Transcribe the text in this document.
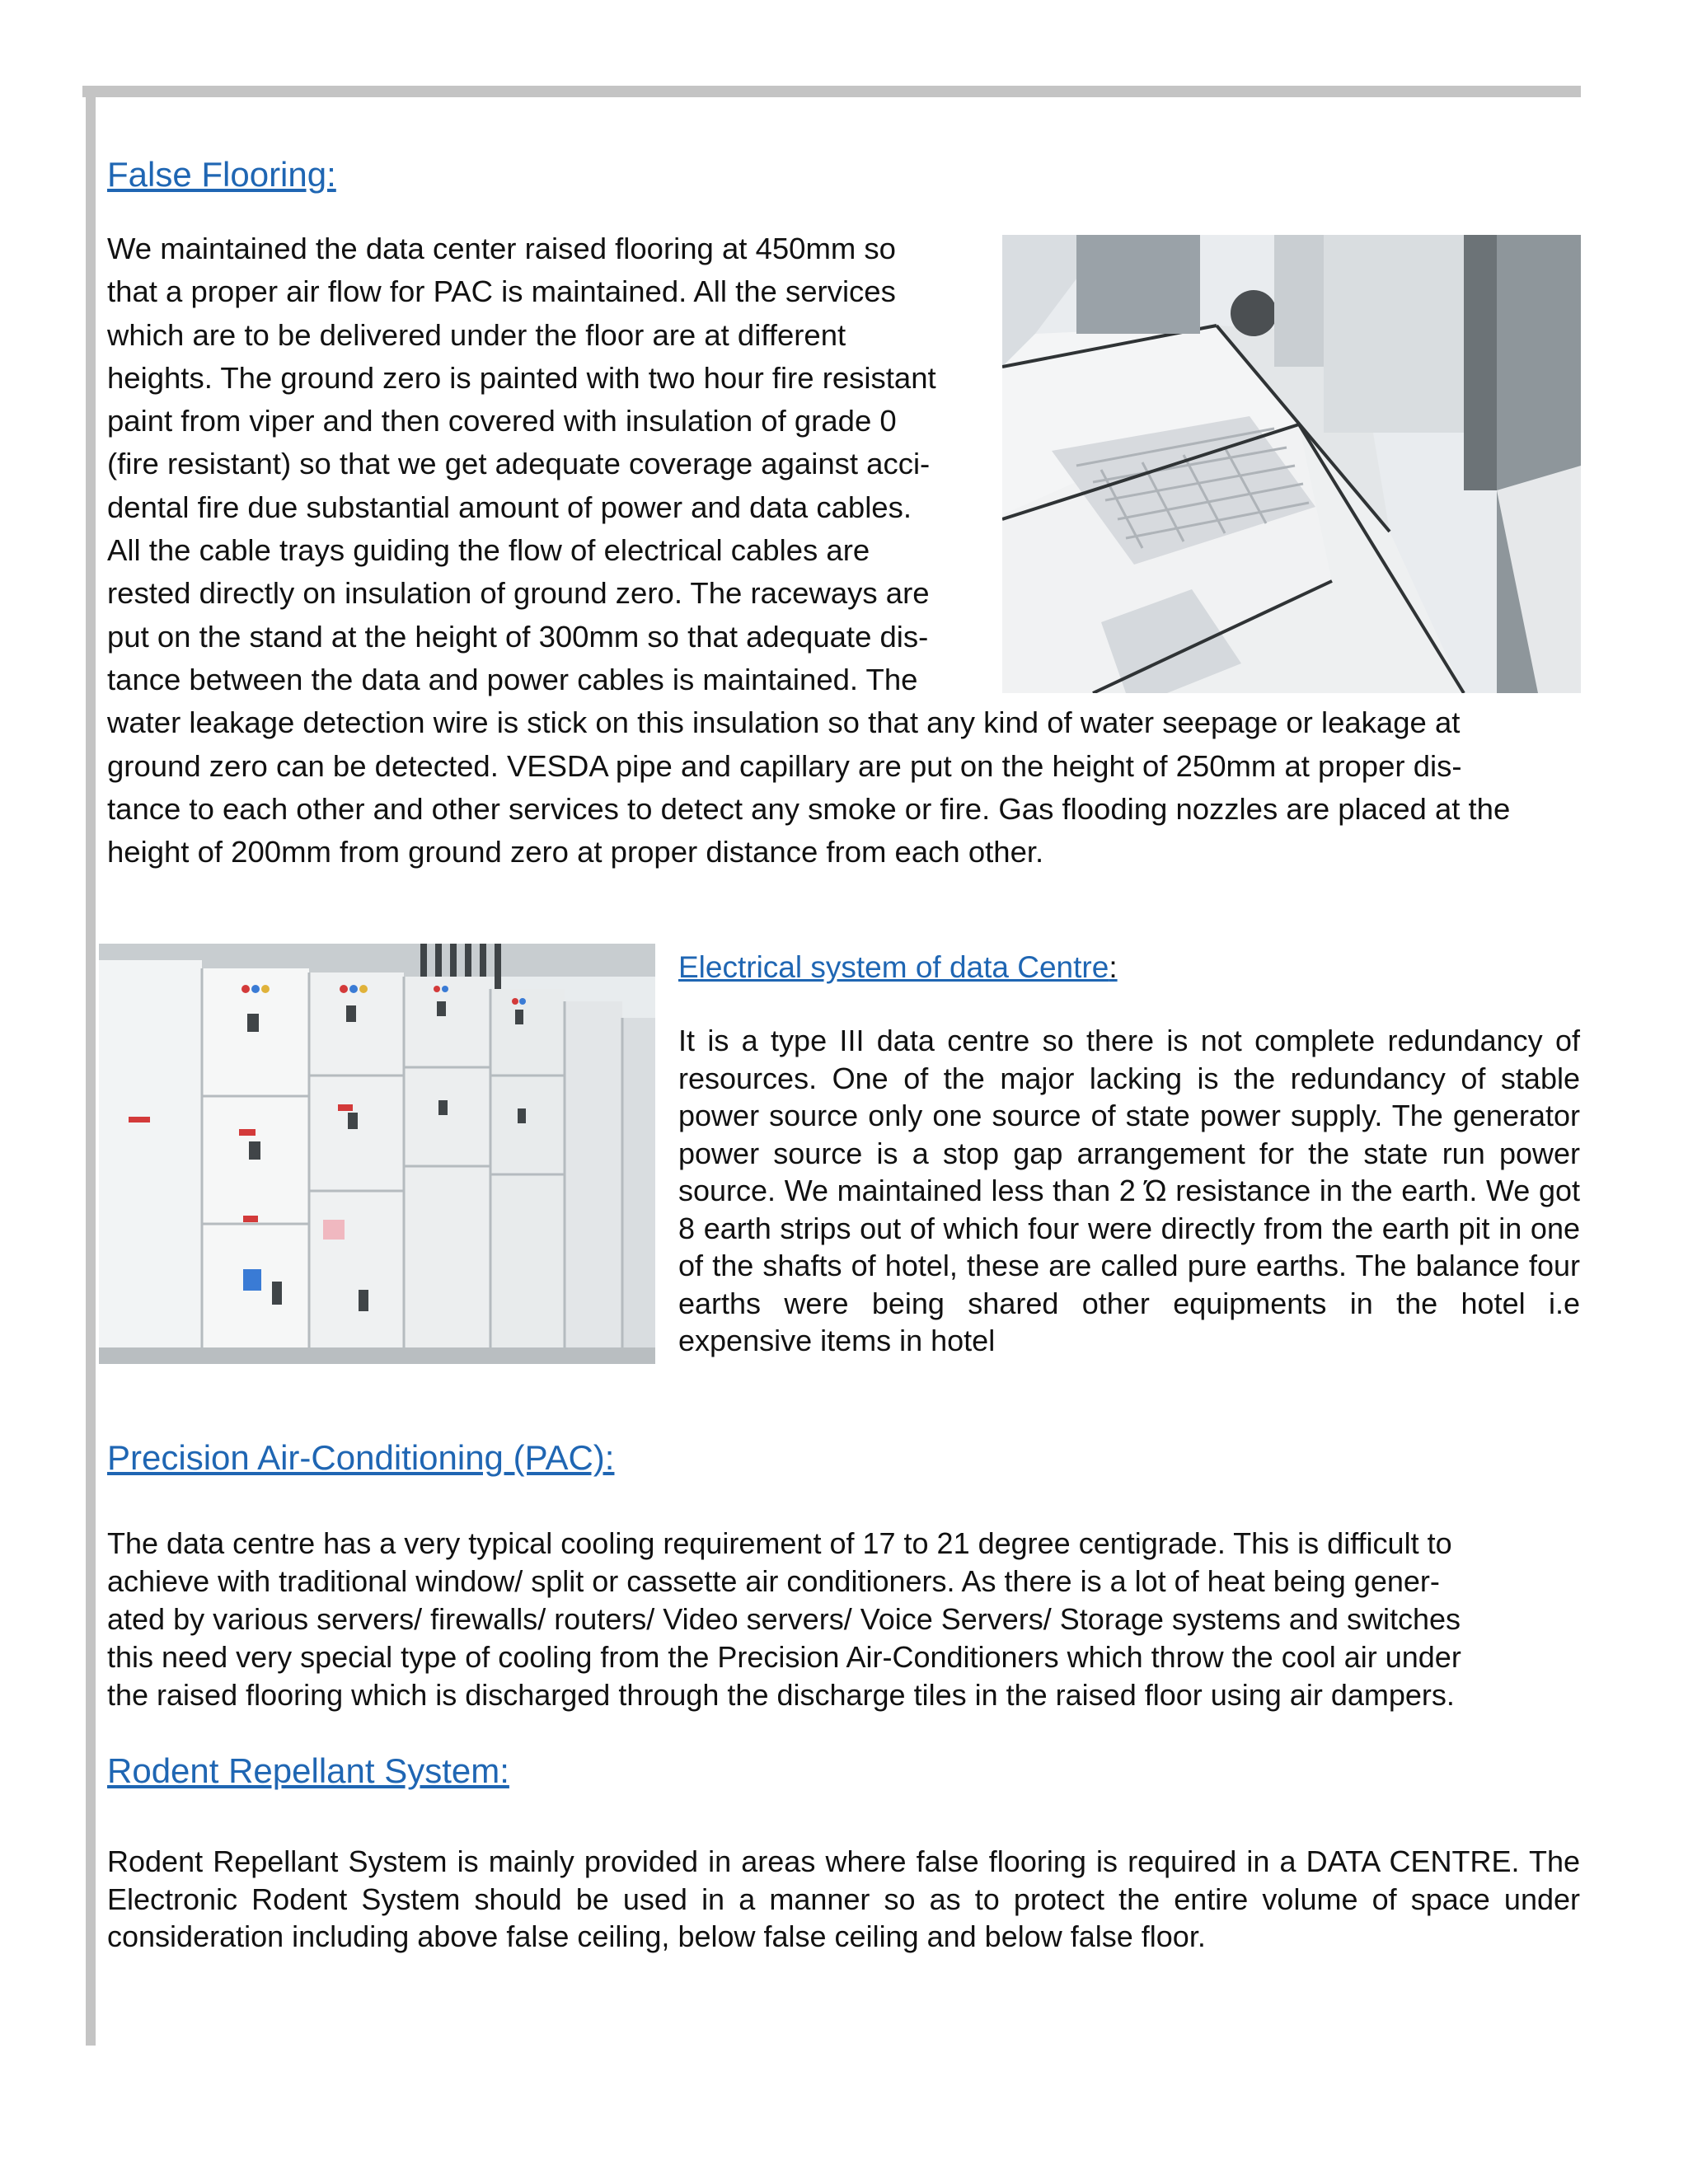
False Flooring:

We maintained the data center raised flooring at 450mm so
that a proper air flow for PAC is maintained. All the services
which are to be delivered under the floor are at different
heights. The ground zero is painted with two hour fire resistant
paint from viper and then covered with insulation of grade 0
(fire resistant) so that we get adequate coverage against acci-
dental fire due substantial amount of power and data cables.
All the cable trays guiding the flow of electrical cables are
rested directly on insulation of ground zero. The raceways are
put on the stand at the height of 300mm so that adequate dis-
tance between the data and power cables is maintained. The
water leakage detection wire is stick on this insulation so that any kind of water seepage or leakage at
ground zero can be detected. VESDA pipe and capillary are put on the height of 250mm at proper dis-
tance to each other and other services to detect any smoke or fire. Gas flooding nozzles are placed at the
height of 200mm from ground zero at proper distance from each other.

Electrical system of data Centre:

It is a type III data centre so there is not complete redundancy of resources. One of the major lacking is the redundancy of stable power source only one source of state power supply. The generator power source is a stop gap arrangement for the state run power source. We maintained less than 2 Ώ resistance in the earth. We got 8 earth strips out of which four were directly from the earth pit in one of the shafts of hotel, these are called pure earths. The balance four earths were being shared other equipments in the hotel i.e expensive items in hotel

Precision Air-Conditioning (PAC):

The data centre has a very typical cooling requirement of 17 to 21 degree centigrade. This is difficult to
achieve with traditional window/ split or cassette air conditioners. As there is a lot of heat being gener-
ated by various servers/ firewalls/ routers/ Video servers/ Voice Servers/ Storage systems and switches
this need very special type of cooling from the Precision Air-Conditioners which throw the cool air under
the raised flooring which is discharged through the discharge tiles in the raised floor using air dampers.

Rodent Repellant System:

Rodent Repellant System is mainly provided in areas where false flooring is required in a DATA CENTRE. The Electronic Rodent System should be used in a manner so as to protect the entire volume of space under consideration including above false ceiling, below false ceiling and below false floor.
